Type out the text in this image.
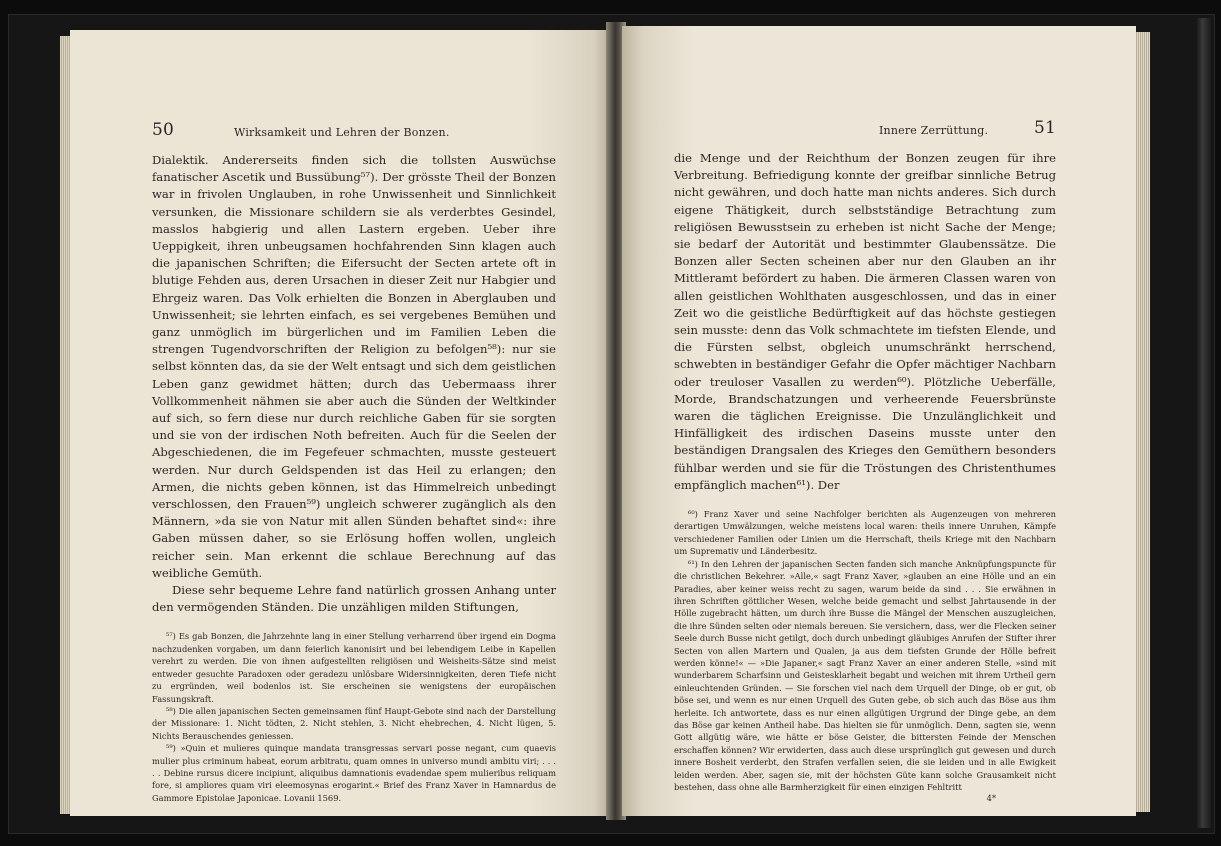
50	Wirksamkeit und Lehren der Bonzen.

Dialektik. Andererseits finden sich die tollsten Auswüchse fanatischer Ascetik und Bussübung⁵⁷). Der grösste Theil der Bonzen war in frivolen Unglauben, in rohe Unwissenheit und Sinnlichkeit versunken, die Missionare schildern sie als verderbtes Gesindel, masslos habgierig und allen Lastern ergeben. Ueber ihre Ueppigkeit, ihren unbeugsamen hochfahrenden Sinn klagen auch die japanischen Schriften; die Eifersucht der Secten artete oft in blutige Fehden aus, deren Ursachen in dieser Zeit nur Habgier und Ehrgeiz waren. Das Volk erhielten die Bonzen in Aberglauben und Unwissenheit; sie lehrten einfach, es sei vergebenes Bemühen und ganz unmöglich im bürgerlichen und im Familien Leben die strengen Tugendvorschriften der Religion zu befolgen⁵⁸): nur sie selbst könnten das, da sie der Welt entsagt und sich dem geistlichen Leben ganz gewidmet hätten; durch das Uebermaass ihrer Vollkommenheit nähmen sie aber auch die Sünden der Weltkinder auf sich, so fern diese nur durch reichliche Gaben für sie sorgten und sie von der irdischen Noth befreiten. Auch für die Seelen der Abgeschiedenen, die im Fegefeuer schmachten, musste gesteuert werden. Nur durch Geldspenden ist das Heil zu erlangen; den Armen, die nichts geben können, ist das Himmelreich unbedingt verschlossen, den Frauen⁵⁹) ungleich schwerer zugänglich als den Männern, »da sie von Natur mit allen Sünden behaftet sind«: ihre Gaben müssen daher, so sie Erlösung hoffen wollen, ungleich reicher sein. Man erkennt die schlaue Berechnung auf das weibliche Gemüth.

Diese sehr bequeme Lehre fand natürlich grossen Anhang unter den vermögenden Ständen. Die unzähligen milden Stiftungen,

⁵⁷) Es gab Bonzen, die Jahrzehnte lang in einer Stellung verharrend über irgend ein Dogma nachzudenken vorgaben, um dann feierlich kanonisirt und bei lebendigem Leibe in Kapellen verehrt zu werden. Die von ihnen aufgestellten religiösen und Weisheits-Sätze sind meist entweder gesuchte Paradoxen oder geradezu unlösbare Widersinnigkeiten, deren Tiefe nicht zu ergründen, weil bodenlos ist. Sie erscheinen sie wenigstens der europäischen Fassungskraft.

⁵⁸) Die allen japanischen Secten gemeinsamen fünf Haupt-Gebote sind nach der Darstellung der Missionare: 1. Nicht tödten, 2. Nicht stehlen, 3. Nicht ehebrechen, 4. Nicht lügen, 5. Nichts Berauschendes geniessen.

⁵⁹) »Quin et mulieres quinque mandata transgressas servari posse negant, cum quaevis mulier plus criminum habeat, eorum arbitratu, quam omnes in universo mundi ambitu viri; . . . . . Debine rursus dicere incipiunt, aliquibus damnationis evadendae spem mulieribus reliquam fore, si ampliores quam viri eleemosynas erogarint.« Brief des Franz Xaver in Hamnardus de Gammore Epistolae Japonicae. Lovanii 1569.

Innere Zerrüttung.	51

die Menge und der Reichthum der Bonzen zeugen für ihre Verbreitung. Befriedigung konnte der greifbar sinnliche Betrug nicht gewähren, und doch hatte man nichts anderes. Sich durch eigene Thätigkeit, durch selbstständige Betrachtung zum religiösen Bewusstsein zu erheben ist nicht Sache der Menge; sie bedarf der Autorität und bestimmter Glaubenssätze. Die Bonzen aller Secten scheinen aber nur den Glauben an ihr Mittleramt befördert zu haben. Die ärmeren Classen waren von allen geistlichen Wohlthaten ausgeschlossen, und das in einer Zeit wo die geistliche Bedürftigkeit auf das höchste gestiegen sein musste: denn das Volk schmachtete im tiefsten Elende, und die Fürsten selbst, obgleich unumschränkt herrschend, schwebten in beständiger Gefahr die Opfer mächtiger Nachbarn oder treuloser Vasallen zu werden⁶⁰). Plötzliche Ueberfälle, Morde, Brandschatzungen und verheerende Feuersbrünste waren die täglichen Ereignisse. Die Unzulänglichkeit und Hinfälligkeit des irdischen Daseins musste unter den beständigen Drangsalen des Krieges den Gemüthern besonders fühlbar werden und sie für die Tröstungen des Christenthumes empfänglich machen⁶¹). Der

⁶⁰) Franz Xaver und seine Nachfolger berichten als Augenzeugen von mehreren derartigen Umwälzungen, welche meistens local waren: theils innere Unruhen, Kämpfe verschiedener Familien oder Linien um die Herrschaft, theils Kriege mit den Nachbarn um Supremativ und Länderbesitz.

⁶¹) In den Lehren der japanischen Secten fanden sich manche Anknüpfungspuncte für die christlichen Bekehrer. »Alle,« sagt Franz Xaver, »glauben an eine Hölle und an ein Paradies, aber keiner weiss recht zu sagen, warum beide da sind . . . Sie erwähnen in ihren Schriften göttlicher Wesen, welche beide gemacht und selbst Jahrtausende in der Hölle zugebracht hätten, um durch ihre Busse die Mängel der Menschen auszugleichen, die ihre Sünden selten oder niemals bereuen. Sie versichern, dass, wer die Flecken seiner Seele durch Busse nicht getilgt, doch durch unbedingt gläubiges Anrufen der Stifter ihrer Secten von allen Martern und Qualen, ja aus dem tiefsten Grunde der Hölle befreit werden könne!« — »Die Japaner,« sagt Franz Xaver an einer anderen Stelle, »sind mit wunderbarem Scharfsinn und Geistesklarheit begabt und weichen mit ihrem Urtheil gern einleuchtenden Gründen. — Sie forschen viel nach dem Urquell der Dinge, ob er gut, ob böse sei, und wenn es nur einen Urquell des Guten gebe, ob sich auch das Böse aus ihm herleite. Ich antwortete, dass es nur einen allgütigen Urgrund der Dinge gebe, an dem das Böse gar keinen Antheil habe. Das hielten sie für unmöglich. Denn, sagten sie, wenn Gott allgütig wäre, wie hätte er böse Geister, die bittersten Feinde der Menschen erschaffen können? Wir erwiderten, dass auch diese ursprünglich gut gewesen und durch innere Bosheit verderbt, den Strafen verfallen seien, die sie leiden und in alle Ewigkeit leiden werden. Aber, sagen sie, mit der höchsten Güte kann solche Grausamkeit nicht bestehen, dass ohne alle Barmherzigkeit für einen einzigen Fehltritt

4*
